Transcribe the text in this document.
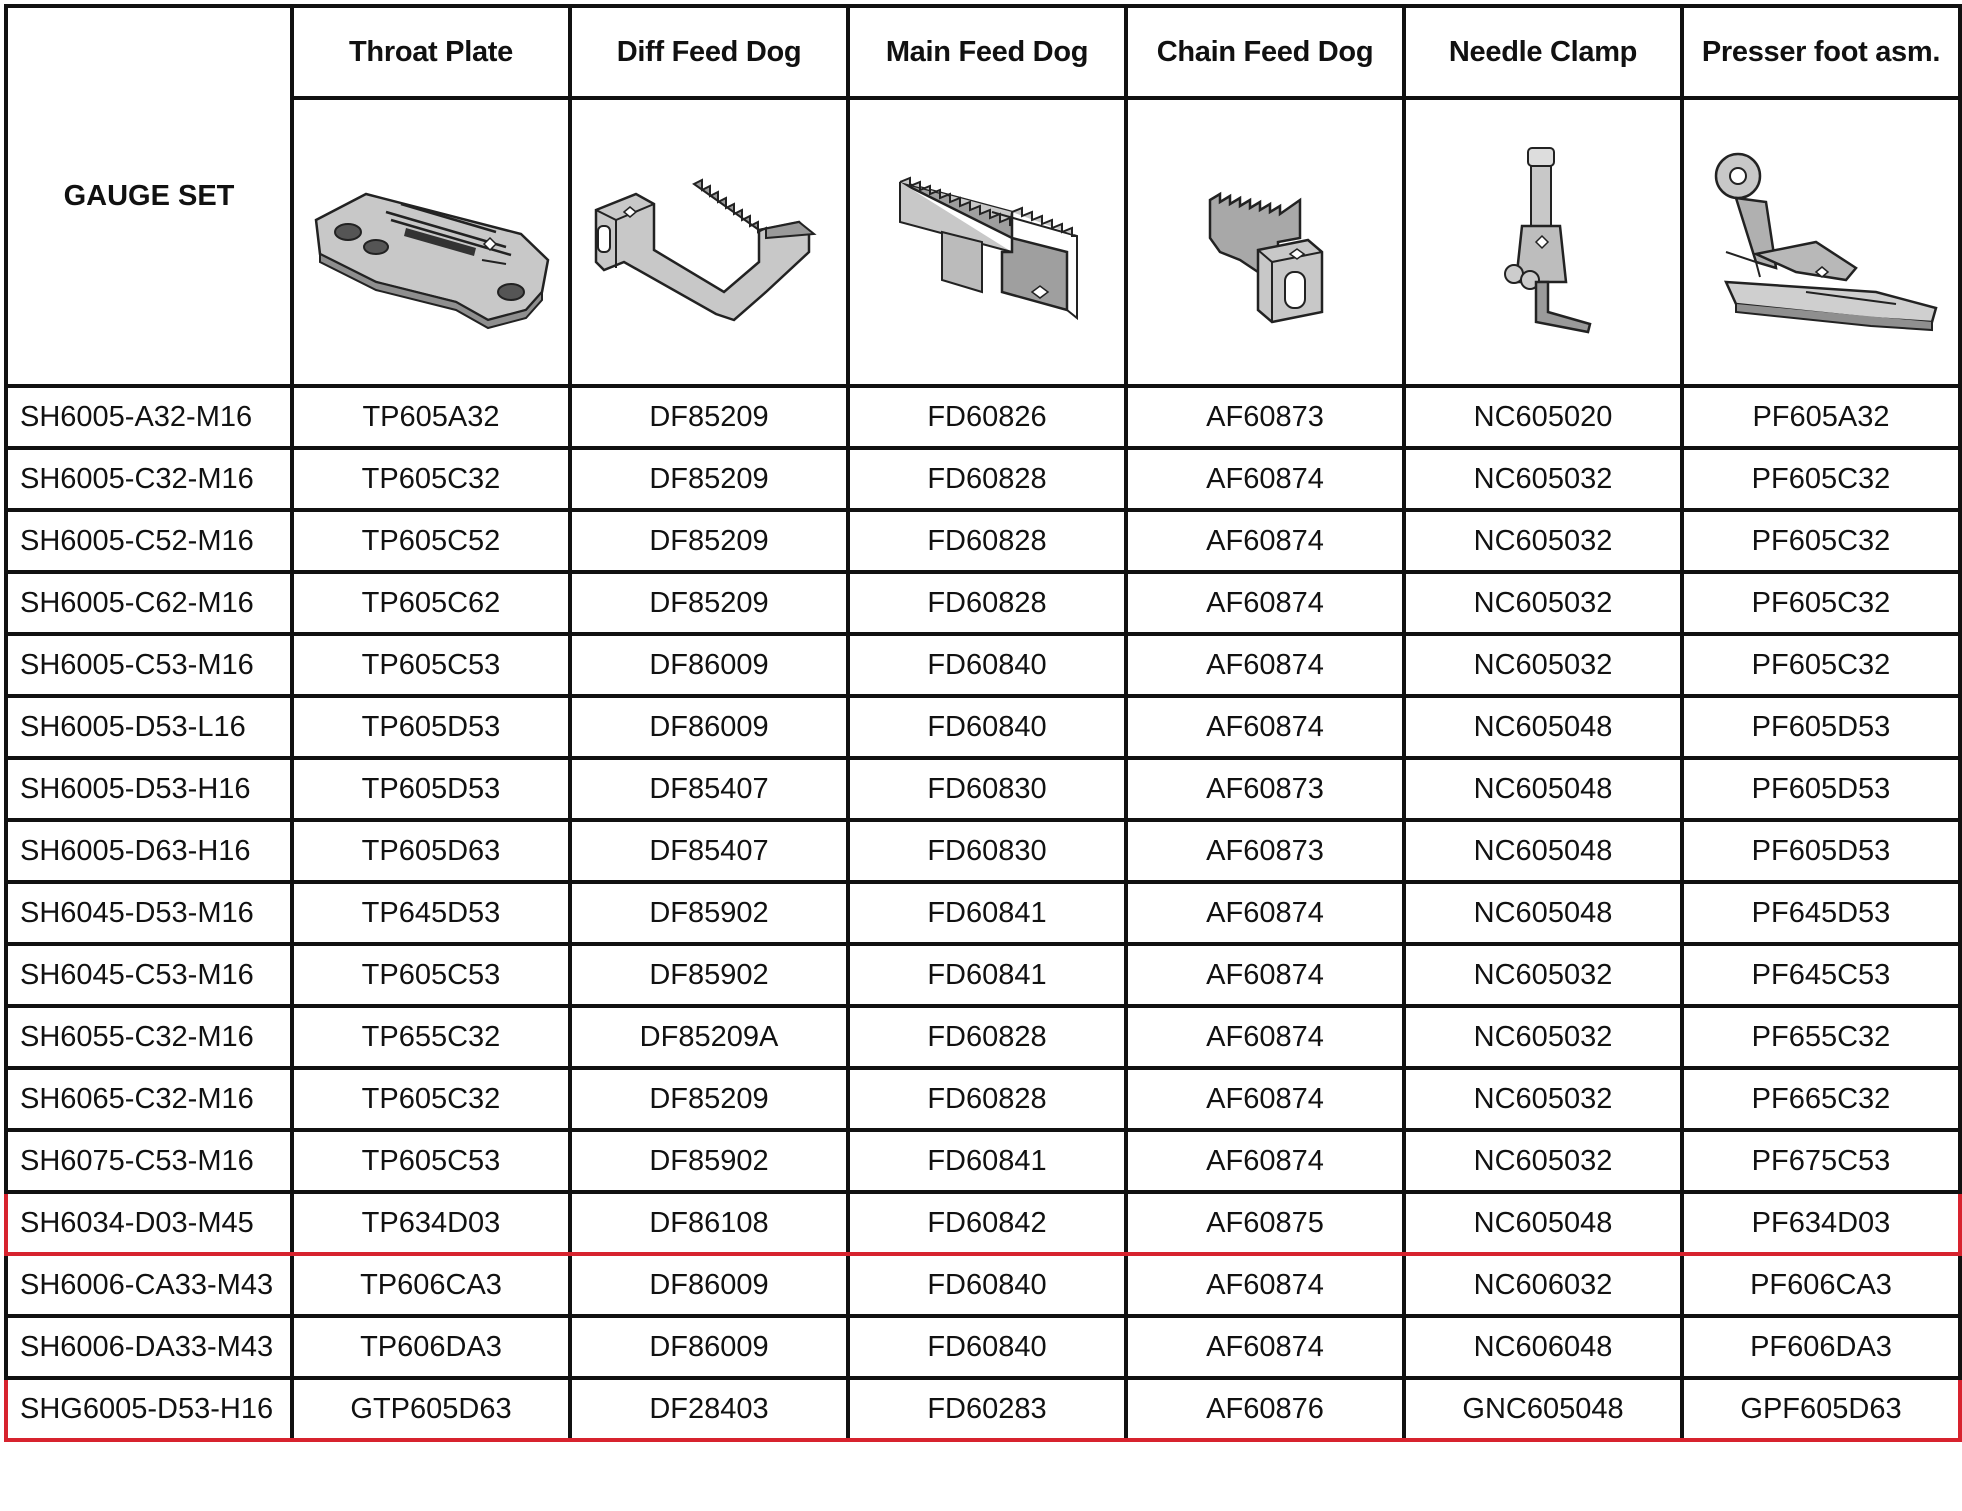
GAUGE SET	Throat Plate	Diff Feed Dog	Main Feed Dog	Chain Feed Dog	Needle Clamp	Presser foot asm.

SH6005-A32-M16	TP605A32	DF85209	FD60826	AF60873	NC605020	PF605A32
SH6005-C32-M16	TP605C32	DF85209	FD60828	AF60874	NC605032	PF605C32
SH6005-C52-M16	TP605C52	DF85209	FD60828	AF60874	NC605032	PF605C32
SH6005-C62-M16	TP605C62	DF85209	FD60828	AF60874	NC605032	PF605C32
SH6005-C53-M16	TP605C53	DF86009	FD60840	AF60874	NC605032	PF605C32
SH6005-D53-L16	TP605D53	DF86009	FD60840	AF60874	NC605048	PF605D53
SH6005-D53-H16	TP605D53	DF85407	FD60830	AF60873	NC605048	PF605D53
SH6005-D63-H16	TP605D63	DF85407	FD60830	AF60873	NC605048	PF605D53
SH6045-D53-M16	TP645D53	DF85902	FD60841	AF60874	NC605048	PF645D53
SH6045-C53-M16	TP605C53	DF85902	FD60841	AF60874	NC605032	PF645C53
SH6055-C32-M16	TP655C32	DF85209A	FD60828	AF60874	NC605032	PF655C32
SH6065-C32-M16	TP605C32	DF85209	FD60828	AF60874	NC605032	PF665C32
SH6075-C53-M16	TP605C53	DF85902	FD60841	AF60874	NC605032	PF675C53
SH6034-D03-M45	TP634D03	DF86108	FD60842	AF60875	NC605048	PF634D03
SH6006-CA33-M43	TP606CA3	DF86009	FD60840	AF60874	NC606032	PF606CA3
SH6006-DA33-M43	TP606DA3	DF86009	FD60840	AF60874	NC606048	PF606DA3
SHG6005-D53-H16	GTP605D63	DF28403	FD60283	AF60876	GNC605048	GPF605D63
